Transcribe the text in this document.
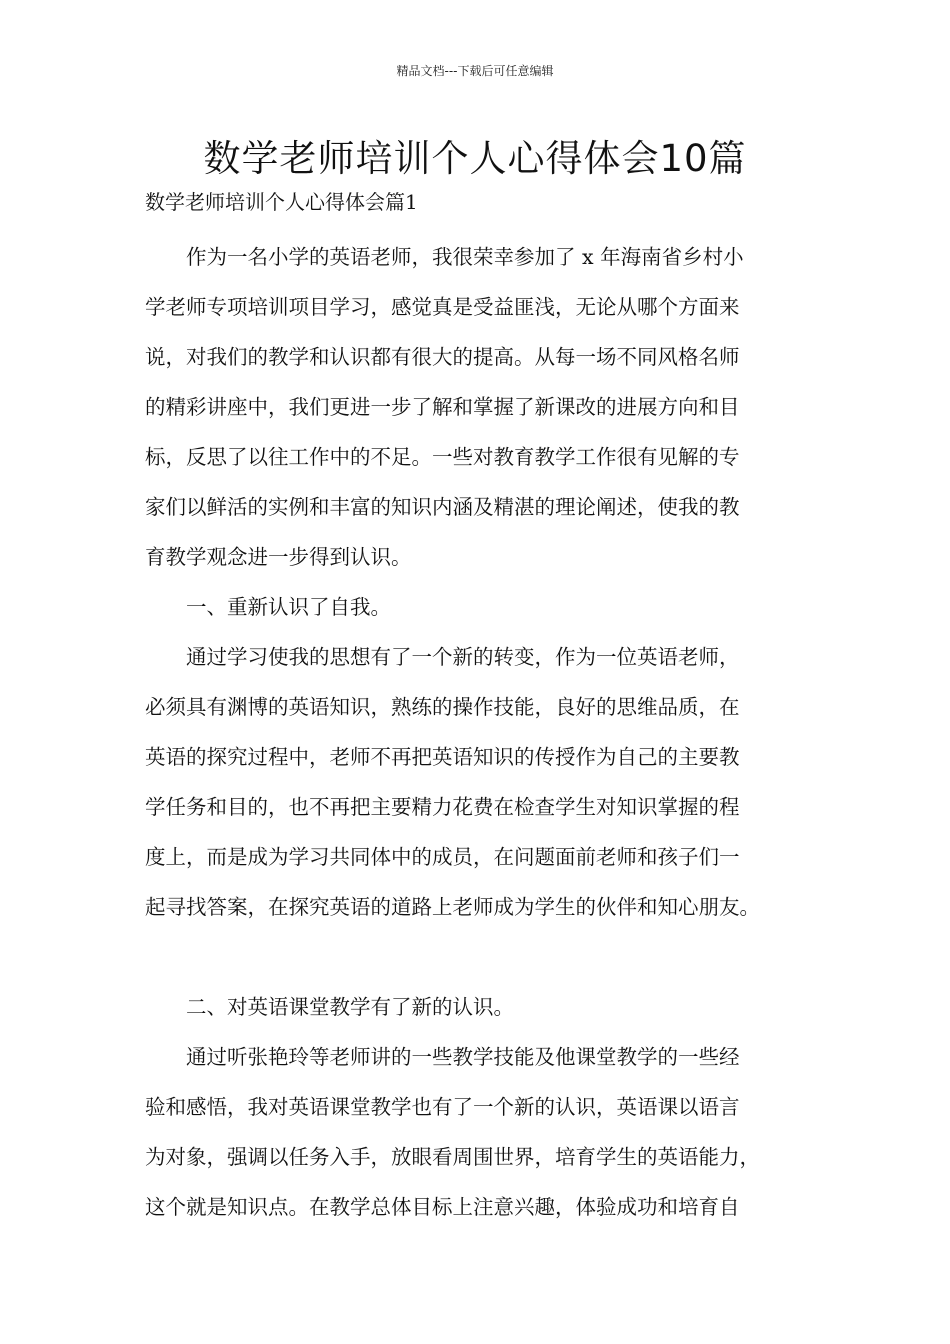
精品文档---下载后可任意编辑
数学老师培训个人心得体会10篇
数学老师培训个人心得体会篇1

作为一名小学的英语老师，我很荣幸参加了 x 年海南省乡村小
学老师专项培训项目学习，感觉真是受益匪浅，无论从哪个方面来
说，对我们的教学和认识都有很大的提高。从每一场不同风格名师
的精彩讲座中，我们更进一步了解和掌握了新课改的进展方向和目
标，反思了以往工作中的不足。一些对教育教学工作很有见解的专
家们以鲜活的实例和丰富的知识内涵及精湛的理论阐述，使我的教
育教学观念进一步得到认识。

一、重新认识了自我。

通过学习使我的思想有了一个新的转变，作为一位英语老师，
必须具有渊博的英语知识，熟练的操作技能，良好的思维品质，在
英语的探究过程中，老师不再把英语知识的传授作为自己的主要教
学任务和目的，也不再把主要精力花费在检查学生对知识掌握的程
度上，而是成为学习共同体中的成员，在问题面前老师和孩子们一
起寻找答案，在探究英语的道路上老师成为学生的伙伴和知心朋友。

二、对英语课堂教学有了新的认识。

通过听张艳玲等老师讲的一些教学技能及他课堂教学的一些经
验和感悟，我对英语课堂教学也有了一个新的认识，英语课以语言
为对象，强调以任务入手，放眼看周围世界，培育学生的英语能力，
这个就是知识点。在教学总体目标上注意兴趣，体验成功和培育自
